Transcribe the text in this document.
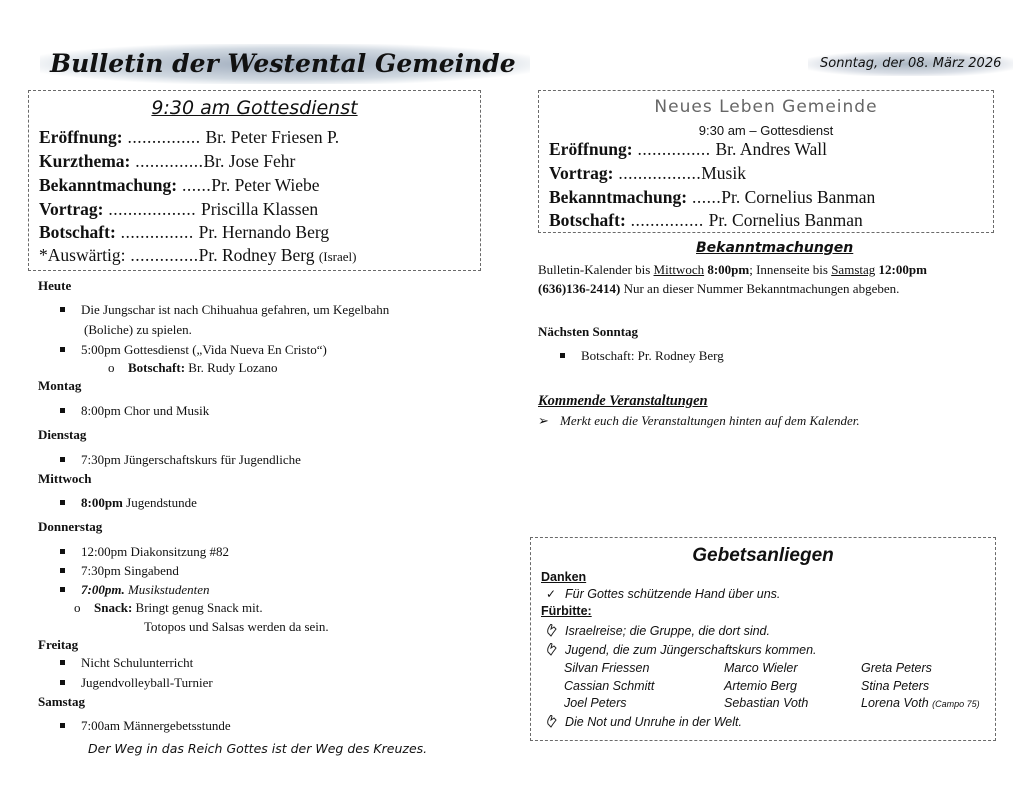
Bulletin der Westental Gemeinde	Sonntag, der 08. März 2026
9:30 am Gottesdienst
Eröffnung: ............... Br. Peter Friesen P.
Kurzthema: ..............Br. Jose Fehr
Bekanntmachung: ......Pr. Peter Wiebe
Vortrag: .................. Priscilla Klassen
Botschaft: ............... Pr. Hernando Berg
*Auswärtig: ..............Pr. Rodney Berg (Israel)
Heute
Die Jungschar ist nach Chihuahua gefahren, um Kegelbahn
(Boliche) zu spielen.
5:00pm Gottesdienst („Vida Nueva En Cristo“)
o Botschaft: Br. Rudy Lozano
Montag
8:00pm Chor und Musik
Dienstag
7:30pm Jüngerschaftskurs für Jugendliche
Mittwoch
8:00pm Jugendstunde
Donnerstag
12:00pm Diakonsitzung #82
7:30pm Singabend
7:00pm. Musikstudenten
o Snack: Bringt genug Snack mit.
Totopos und Salsas werden da sein.
Freitag
Nicht Schulunterricht
Jugendvolleyball-Turnier
Samstag
7:00am Männergebetsstunde
Der Weg in das Reich Gottes ist der Weg des Kreuzes.
Neues Leben Gemeinde
9:30 am – Gottesdienst
Eröffnung: ............... Br. Andres Wall
Vortrag: .................Musik
Bekanntmachung: ......Pr. Cornelius Banman
Botschaft: ............... Pr. Cornelius Banman
Bekanntmachungen
Bulletin-Kalender bis Mittwoch 8:00pm; Innenseite bis Samstag 12:00pm
(636)136-2414) Nur an dieser Nummer Bekanntmachungen abgeben.
Nächsten Sonntag
Botschaft: Pr. Rodney Berg
Kommende Veranstaltungen
➢ Merkt euch die Veranstaltungen hinten auf dem Kalender.
Gebetsanliegen
Danken
✓ Für Gottes schützende Hand über uns.
Fürbitte:
Israelreise; die Gruppe, die dort sind.
Jugend, die zum Jüngerschaftskurs kommen.
Silvan Friessen	Marco Wieler	Greta Peters
Cassian Schmitt	Artemio Berg	Stina Peters
Joel Peters	Sebastian Voth	Lorena Voth (Campo 75)
Die Not und Unruhe in der Welt.
